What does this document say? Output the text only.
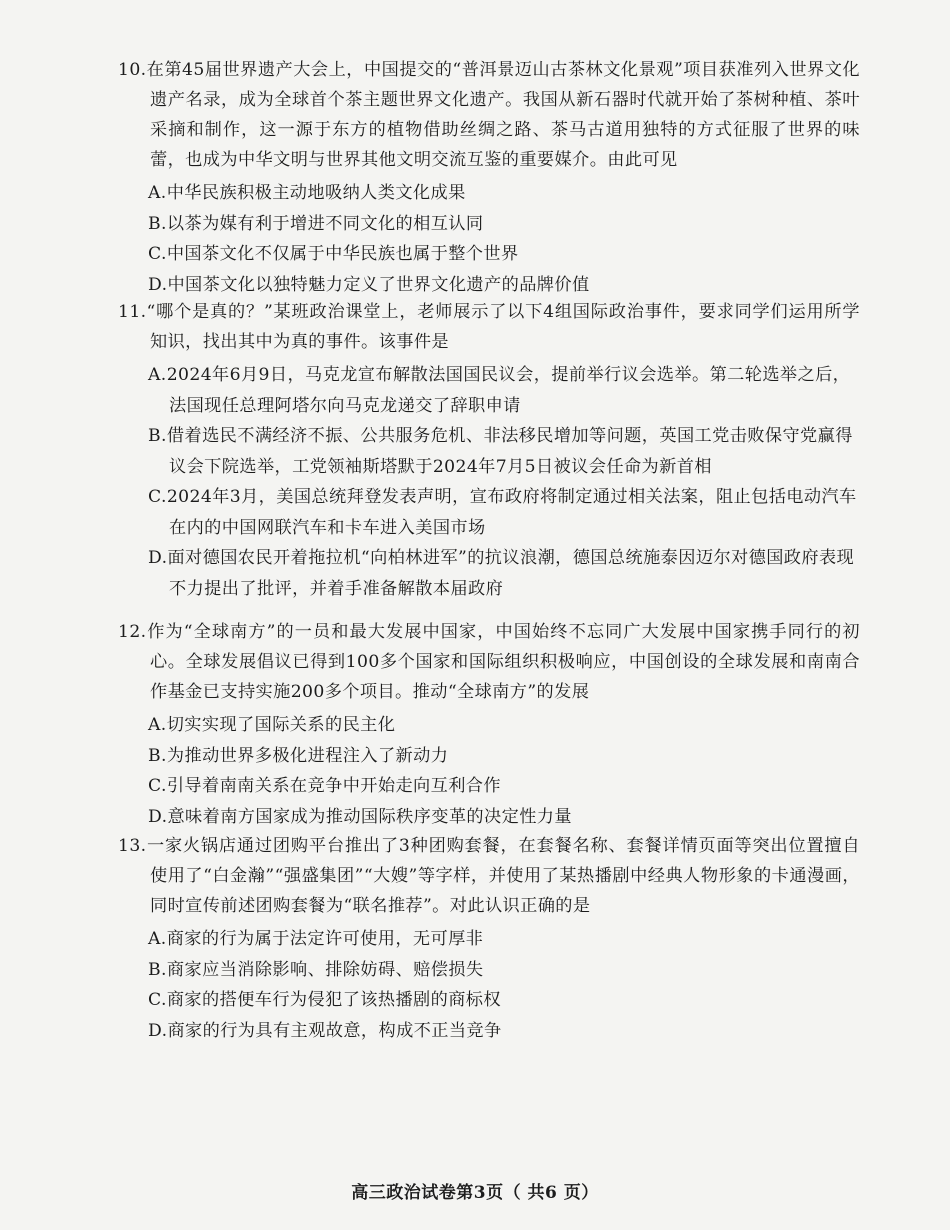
10.在第45届世界遗产大会上，中国提交的“普洱景迈山古茶林文化景观”项目获准列入世界文化遗产名录，成为全球首个茶主题世界文化遗产。我国从新石器时代就开始了茶树种植、茶叶采摘和制作，这一源于东方的植物借助丝绸之路、茶马古道用独特的方式征服了世界的味蕾，也成为中华文明与世界其他文明交流互鉴的重要媒介。由此可见

A.中华民族积极主动地吸纳人类文化成果

B.以茶为媒有利于增进不同文化的相互认同

C.中国茶文化不仅属于中华民族也属于整个世界

D.中国茶文化以独特魅力定义了世界文化遗产的品牌价值

11.“哪个是真的？”某班政治课堂上，老师展示了以下4组国际政治事件，要求同学们运用所学知识，找出其中为真的事件。该事件是

A.2024年6月9日，马克龙宣布解散法国国民议会，提前举行议会选举。第二轮选举之后，法国现任总理阿塔尔向马克龙递交了辞职申请

B.借着选民不满经济不振、公共服务危机、非法移民增加等问题，英国工党击败保守党赢得议会下院选举，工党领袖斯塔默于2024年7月5日被议会任命为新首相

C.2024年3月，美国总统拜登发表声明，宣布政府将制定通过相关法案，阻止包括电动汽车在内的中国网联汽车和卡车进入美国市场

D.面对德国农民开着拖拉机“向柏林进军”的抗议浪潮，德国总统施泰因迈尔对德国政府表现不力提出了批评，并着手准备解散本届政府

12.作为“全球南方”的一员和最大发展中国家，中国始终不忘同广大发展中国家携手同行的初心。全球发展倡议已得到100多个国家和国际组织积极响应，中国创设的全球发展和南南合作基金已支持实施200多个项目。推动“全球南方”的发展

A.切实实现了国际关系的民主化

B.为推动世界多极化进程注入了新动力

C.引导着南南关系在竞争中开始走向互利合作

D.意味着南方国家成为推动国际秩序变革的决定性力量

13.一家火锅店通过团购平台推出了3种团购套餐，在套餐名称、套餐详情页面等突出位置擅自使用了“白金瀚”“强盛集团”“大嫂”等字样，并使用了某热播剧中经典人物形象的卡通漫画，同时宣传前述团购套餐为“联名推荐”。对此认识正确的是

A.商家的行为属于法定许可使用，无可厚非

B.商家应当消除影响、排除妨碍、赔偿损失

C.商家的搭便车行为侵犯了该热播剧的商标权

D.商家的行为具有主观故意，构成不正当竞争

高三政治试卷第3页（ 共6 页）
